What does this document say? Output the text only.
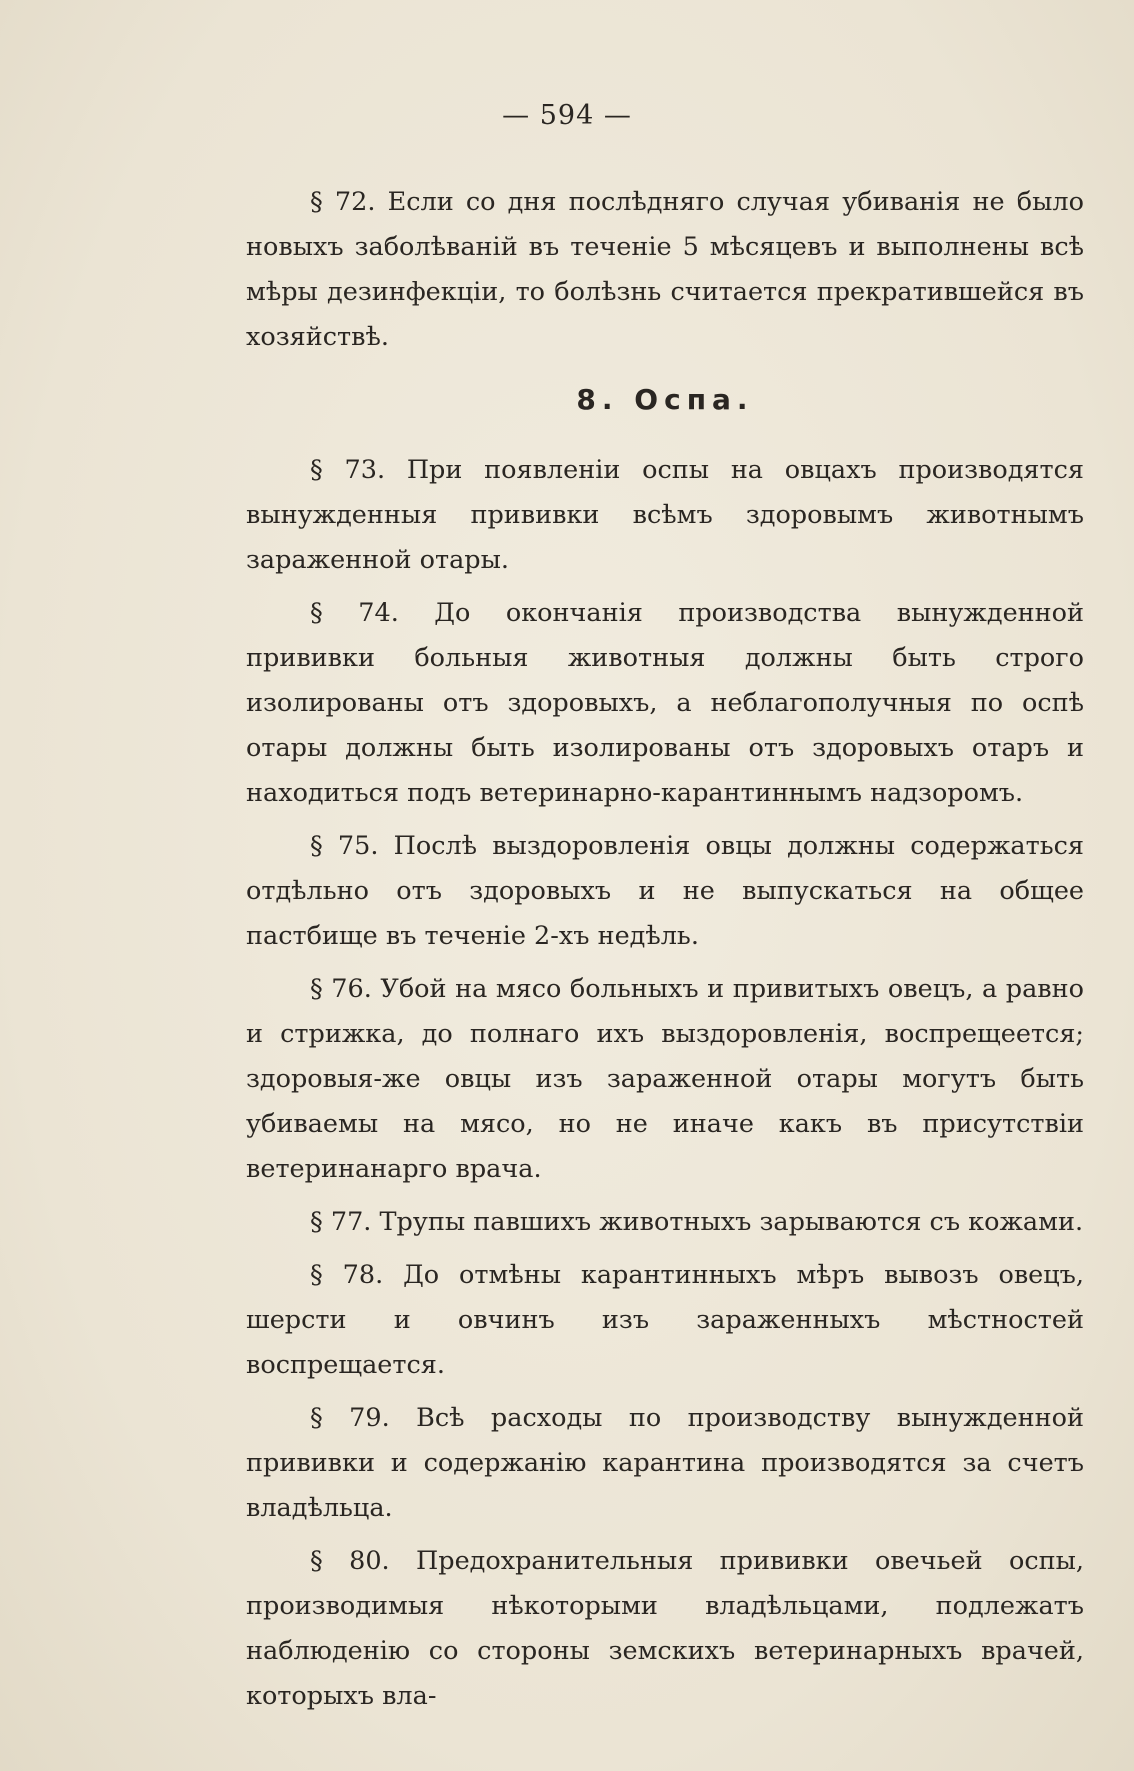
— 594 —

§ 72. Если со дня послѣдняго случая убиванія не было новыхъ заболѣваній въ теченіе 5 мѣсяцевъ и выполнены всѣ мѣры дезинфекціи, то болѣзнь считается прекратившейся въ хозяйствѣ.

8. Оспа.

§ 73. При появленіи оспы на овцахъ производятся вынужденныя прививки всѣмъ здоровымъ животнымъ зараженной отары.

§ 74. До окончанія производства вынужденной прививки больныя животныя должны быть строго изолированы отъ здоровыхъ, а неблагополучныя по оспѣ отары должны быть изолированы отъ здоровыхъ отаръ и находиться подъ ветеринарно-карантиннымъ надзоромъ.

§ 75. Послѣ выздоровленія овцы должны содержаться отдѣльно отъ здоровыхъ и не выпускаться на общее пастбище въ теченіе 2-хъ недѣль.

§ 76. Убой на мясо больныхъ и привитыхъ овецъ, а равно и стрижка, до полнаго ихъ выздоровленія, воспрещеется; здоровыя-же овцы изъ зараженной отары могутъ быть убиваемы на мясо, но не иначе какъ въ присутствіи ветеринанарго врача.

§ 77. Трупы павшихъ животныхъ зарываются съ кожами.

§ 78. До отмѣны карантинныхъ мѣръ вывозъ овецъ, шерсти и овчинъ изъ зараженныхъ мѣстностей воспрещается.

§ 79. Всѣ расходы по производству вынужденной прививки и содержанію карантина производятся за счетъ владѣльца.

§ 80. Предохранительныя прививки овечьей оспы, производимыя нѣкоторыми владѣльцами, подлежатъ наблюденію со стороны земскихъ ветеринарныхъ врачей, которыхъ вла-
